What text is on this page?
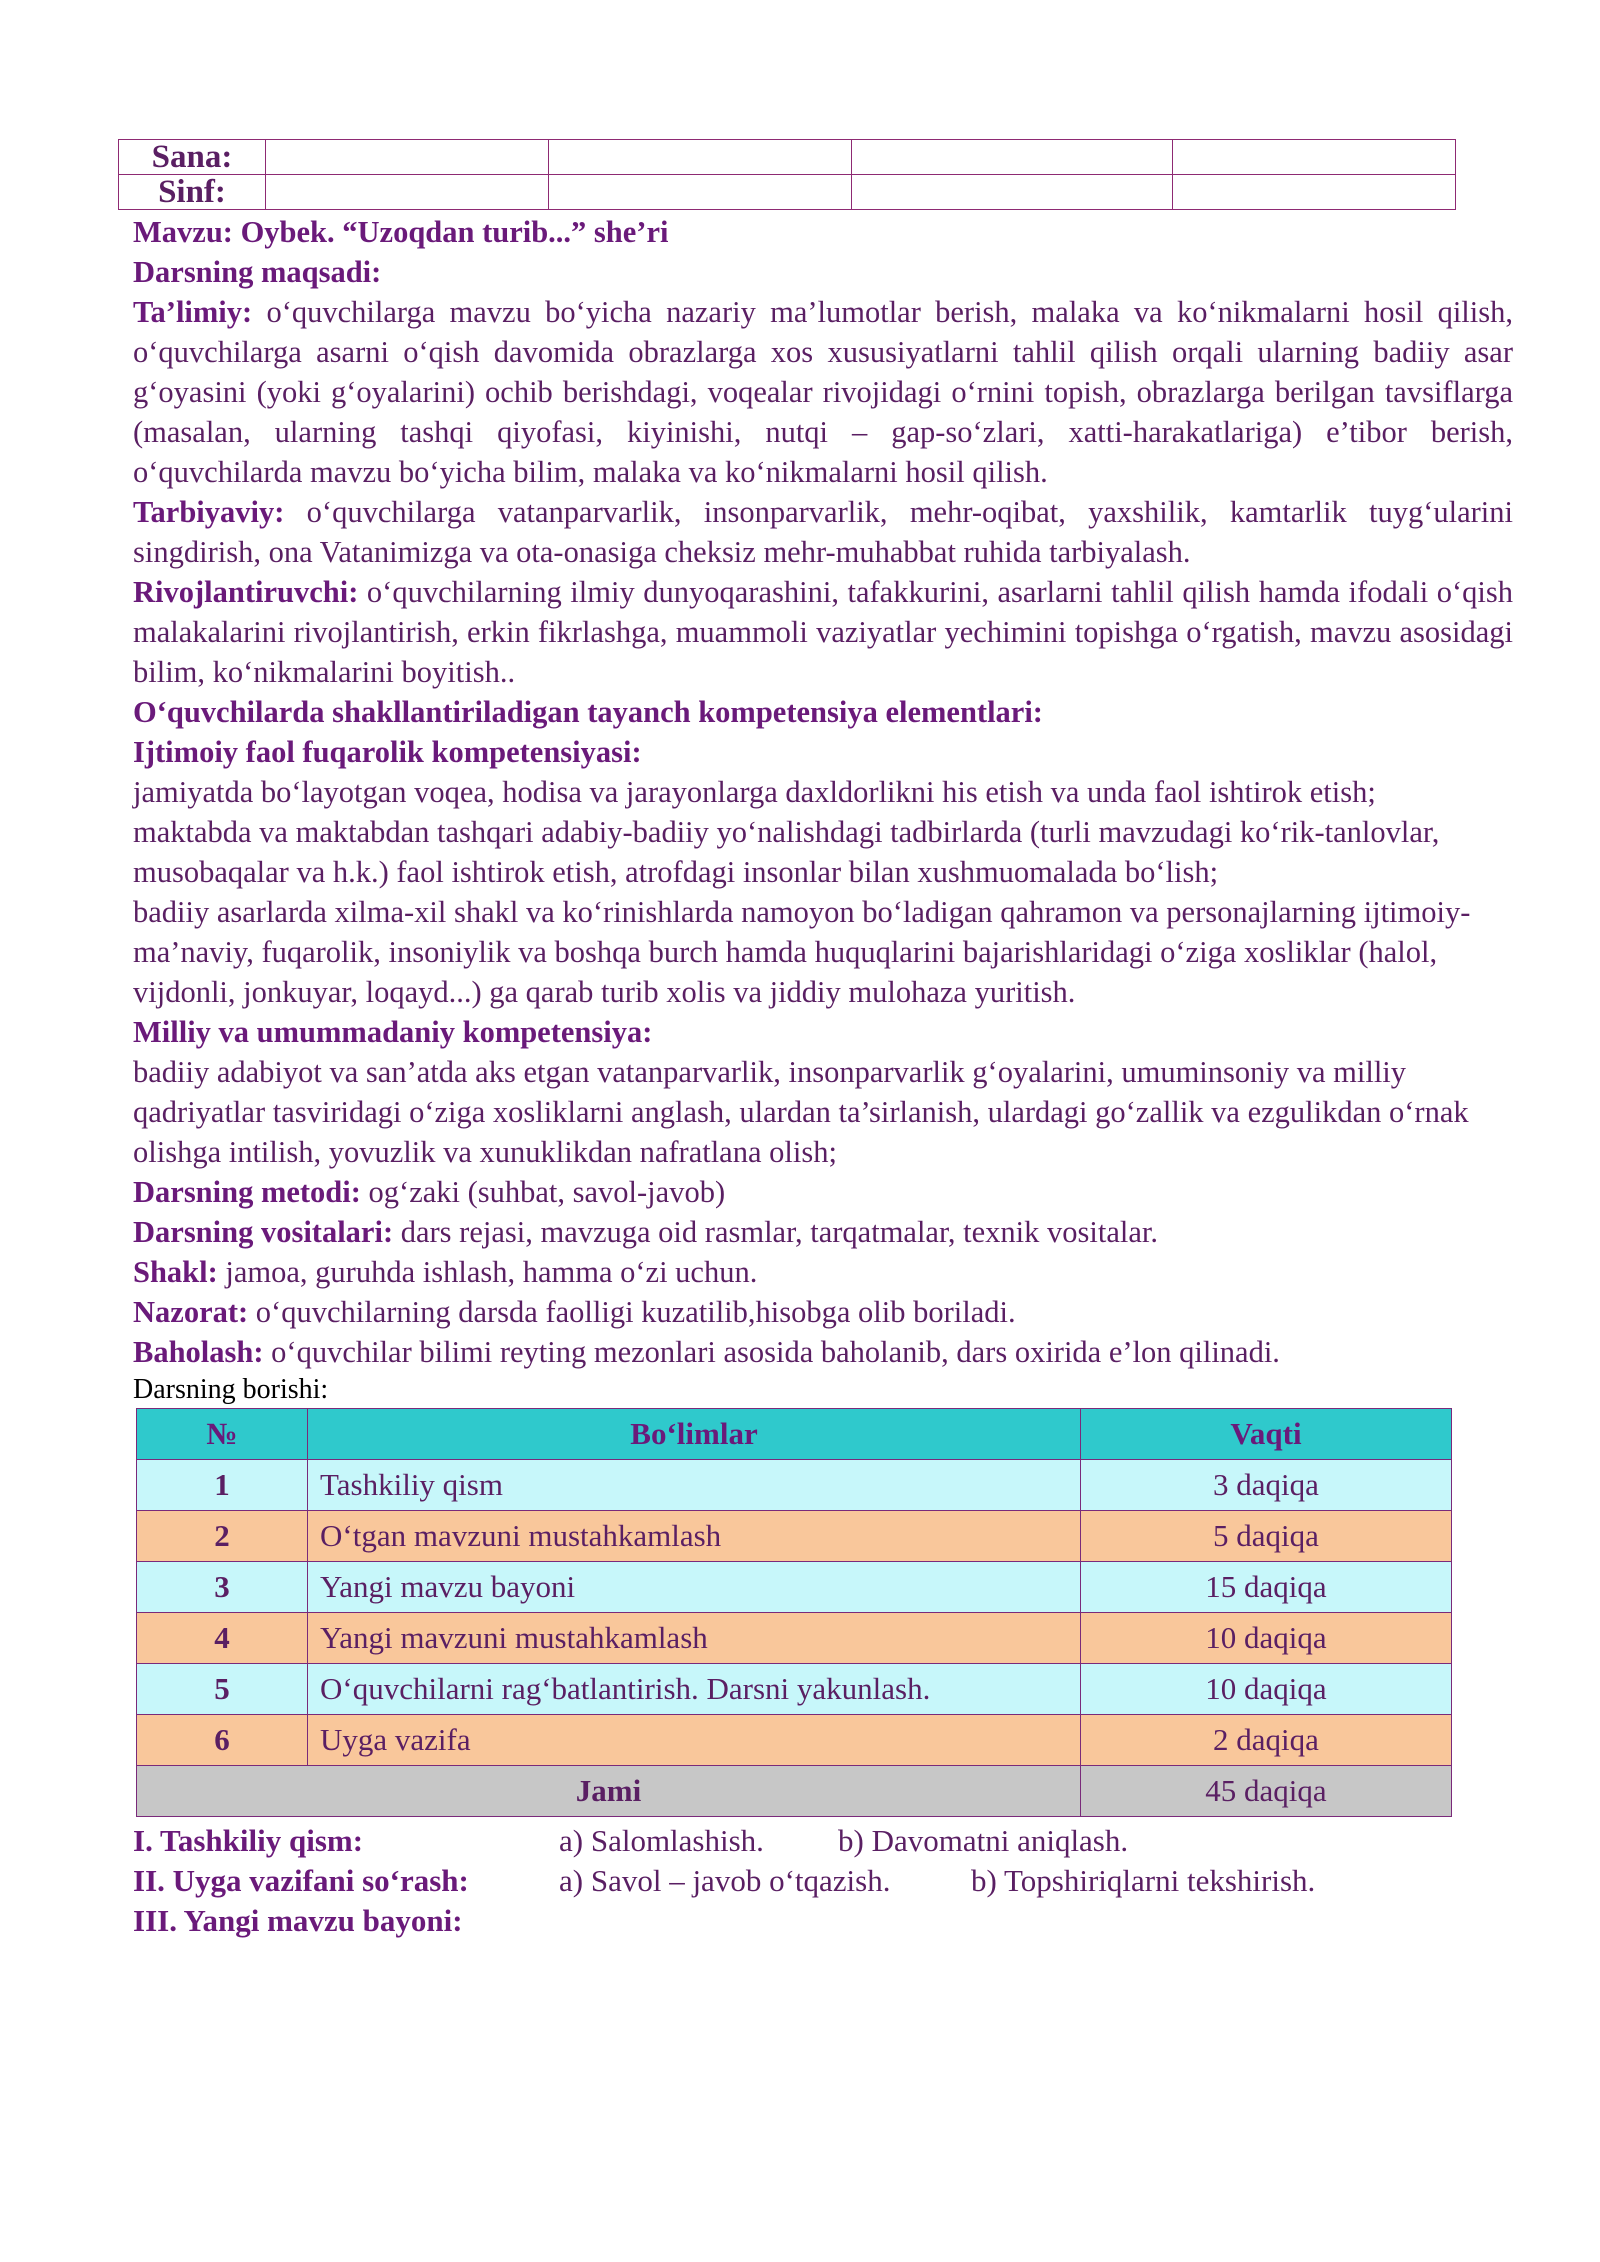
Sana:				
Sinf:				

Mavzu: Oybek. “Uzoqdan turib...” she’ri

Darsning maqsadi:

Ta’limiy: o‘quvchilarga mavzu bo‘yicha nazariy ma’lumotlar berish, malaka va ko‘nikmalarni hosil qilish, o‘quvchilarga asarni o‘qish davomida obrazlarga xos xususiyatlarni tahlil qilish orqali ularning badiiy asar g‘oyasini (yoki g‘oyalarini) ochib berishdagi, voqealar rivojidagi o‘rnini topish, obrazlarga berilgan tavsiflarga (masalan, ularning tashqi qiyofasi, kiyinishi, nutqi – gap-so‘zlari, xatti-harakatlariga) e’tibor berish, o‘quvchilarda mavzu bo‘yicha bilim, malaka va ko‘nikmalarni hosil qilish.

Tarbiyaviy: o‘quvchilarga vatanparvarlik, insonparvarlik, mehr-oqibat, yaxshilik, kamtarlik tuyg‘ularini singdirish, ona Vatanimizga va ota-onasiga cheksiz mehr-muhabbat ruhida tarbiyalash.

Rivojlantiruvchi: o‘quvchilarning ilmiy dunyoqarashini, tafakkurini, asarlarni tahlil qilish hamda ifodali o‘qish malakalarini rivojlantirish, erkin fikrlashga, muammoli vaziyatlar yechimini topishga o‘rgatish, mavzu asosidagi bilim, ko‘nikmalarini boyitish..

O‘quvchilarda shakllantiriladigan tayanch kompetensiya elementlari:

Ijtimoiy faol fuqarolik kompetensiyasi:

jamiyatda bo‘layotgan voqea, hodisa va jarayonlarga daxldorlikni his etish va unda faol ishtirok etish;

maktabda va maktabdan tashqari adabiy-badiiy yo‘nalishdagi tadbirlarda (turli mavzudagi ko‘rik-tanlovlar, musobaqalar va h.k.) faol ishtirok etish, atrofdagi insonlar bilan xushmuomalada bo‘lish;

badiiy asarlarda xilma-xil shakl va ko‘rinishlarda namoyon bo‘ladigan qahramon va personajlarning ijtimoiy-ma’naviy, fuqarolik, insoniylik va boshqa burch hamda huquqlarini bajarishlaridagi o‘ziga xosliklar (halol, vijdonli, jonkuyar, loqayd...) ga qarab turib xolis va jiddiy mulohaza yuritish.

Milliy va umummadaniy kompetensiya:

badiiy adabiyot va san’atda aks etgan vatanparvarlik, insonparvarlik g‘oyalarini, umuminsoniy va milliy qadriyatlar tasviridagi o‘ziga xosliklarni anglash, ulardan ta’sirlanish, ulardagi go‘zallik va ezgulikdan o‘rnak olishga intilish, yovuzlik va xunuklikdan nafratlana olish;

Darsning metodi: og‘zaki (suhbat, savol-javob)

Darsning vositalari: dars rejasi, mavzuga oid rasmlar, tarqatmalar, texnik vositalar.

Shakl: jamoa, guruhda ishlash, hamma o‘zi uchun.

Nazorat: o‘quvchilarning darsda faolligi kuzatilib,hisobga olib boriladi.

Baholash: o‘quvchilar bilimi reyting mezonlari asosida baholanib, dars oxirida e’lon qilinadi.

Darsning borishi:

№	Bo‘limlar	Vaqti
1	Tashkiliy qism	3 daqiqa
2	O‘tgan mavzuni mustahkamlash	5 daqiqa
3	Yangi mavzu bayoni	15 daqiqa
4	Yangi mavzuni mustahkamlash	10 daqiqa
5	O‘quvchilarni rag‘batlantirish. Darsni yakunlash.	10 daqiqa
6	Uyga vazifa	2 daqiqa
Jami		45 daqiqa
I. Tashkiliy qism:	a) Salomlashish. b) Davomatni aniqlash.
II. Uyga vazifani so‘rash:	a) Savol – javob o‘tqazish.	b) Topshiriqlarni tekshirish.
III. Yangi mavzu bayoni:
